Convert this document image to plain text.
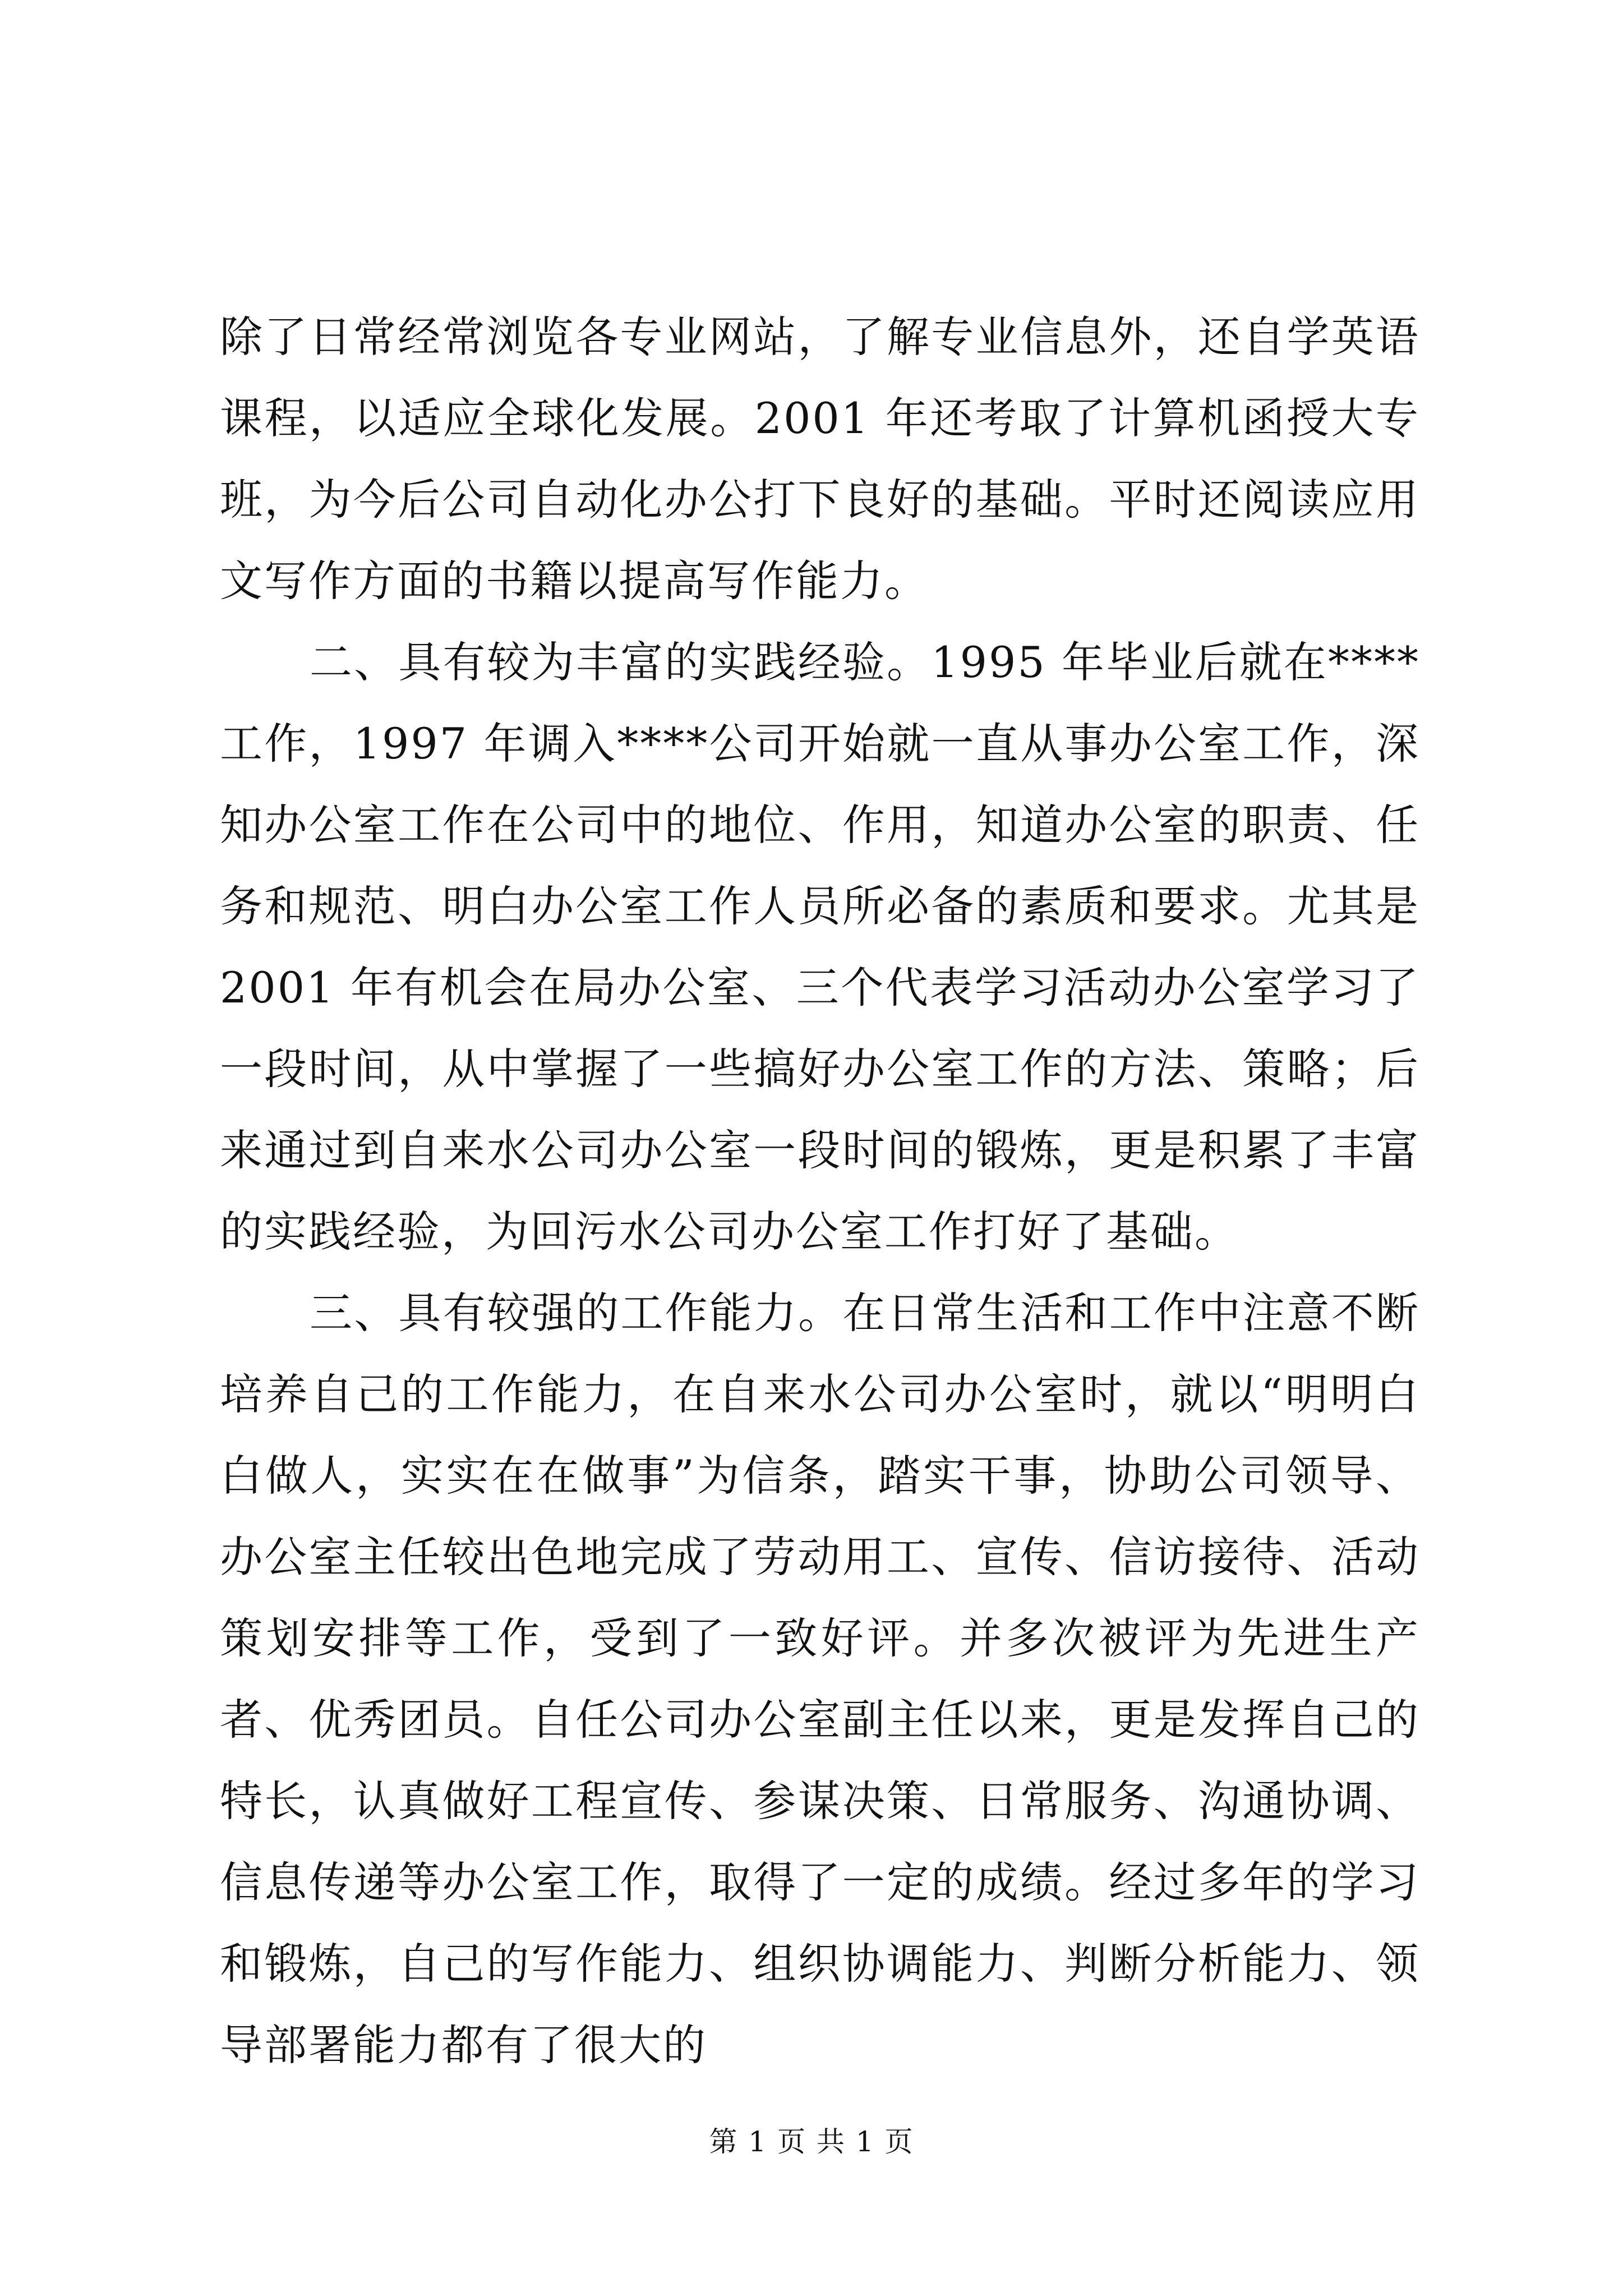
除了日常经常浏览各专业网站，了解专业信息外，还自学英语课程，以适应全球化发展。2001 年还考取了计算机函授大专班，为今后公司自动化办公打下良好的基础。平时还阅读应用文写作方面的书籍以提高写作能力。

二、具有较为丰富的实践经验。1995 年毕业后就在****工作，1997 年调入****公司开始就一直从事办公室工作，深知办公室工作在公司中的地位、作用，知道办公室的职责、任务和规范、明白办公室工作人员所必备的素质和要求。尤其是 2001 年有机会在局办公室、三个代表学习活动办公室学习了一段时间，从中掌握了一些搞好办公室工作的方法、策略；后来通过到自来水公司办公室一段时间的锻炼，更是积累了丰富的实践经验，为回污水公司办公室工作打好了基础。

三、具有较强的工作能力。在日常生活和工作中注意不断培养自己的工作能力，在自来水公司办公室时，就以“明明白白做人，实实在在做事”为信条，踏实干事，协助公司领导、办公室主任较出色地完成了劳动用工、宣传、信访接待、活动策划安排等工作，受到了一致好评。并多次被评为先进生产者、优秀团员。自任公司办公室副主任以来，更是发挥自己的特长，认真做好工程宣传、参谋决策、日常服务、沟通协调、信息传递等办公室工作，取得了一定的成绩。经过多年的学习和锻炼，自己的写作能力、组织协调能力、判断分析能力、领导部署能力都有了很大的

第 1 页 共 1 页
